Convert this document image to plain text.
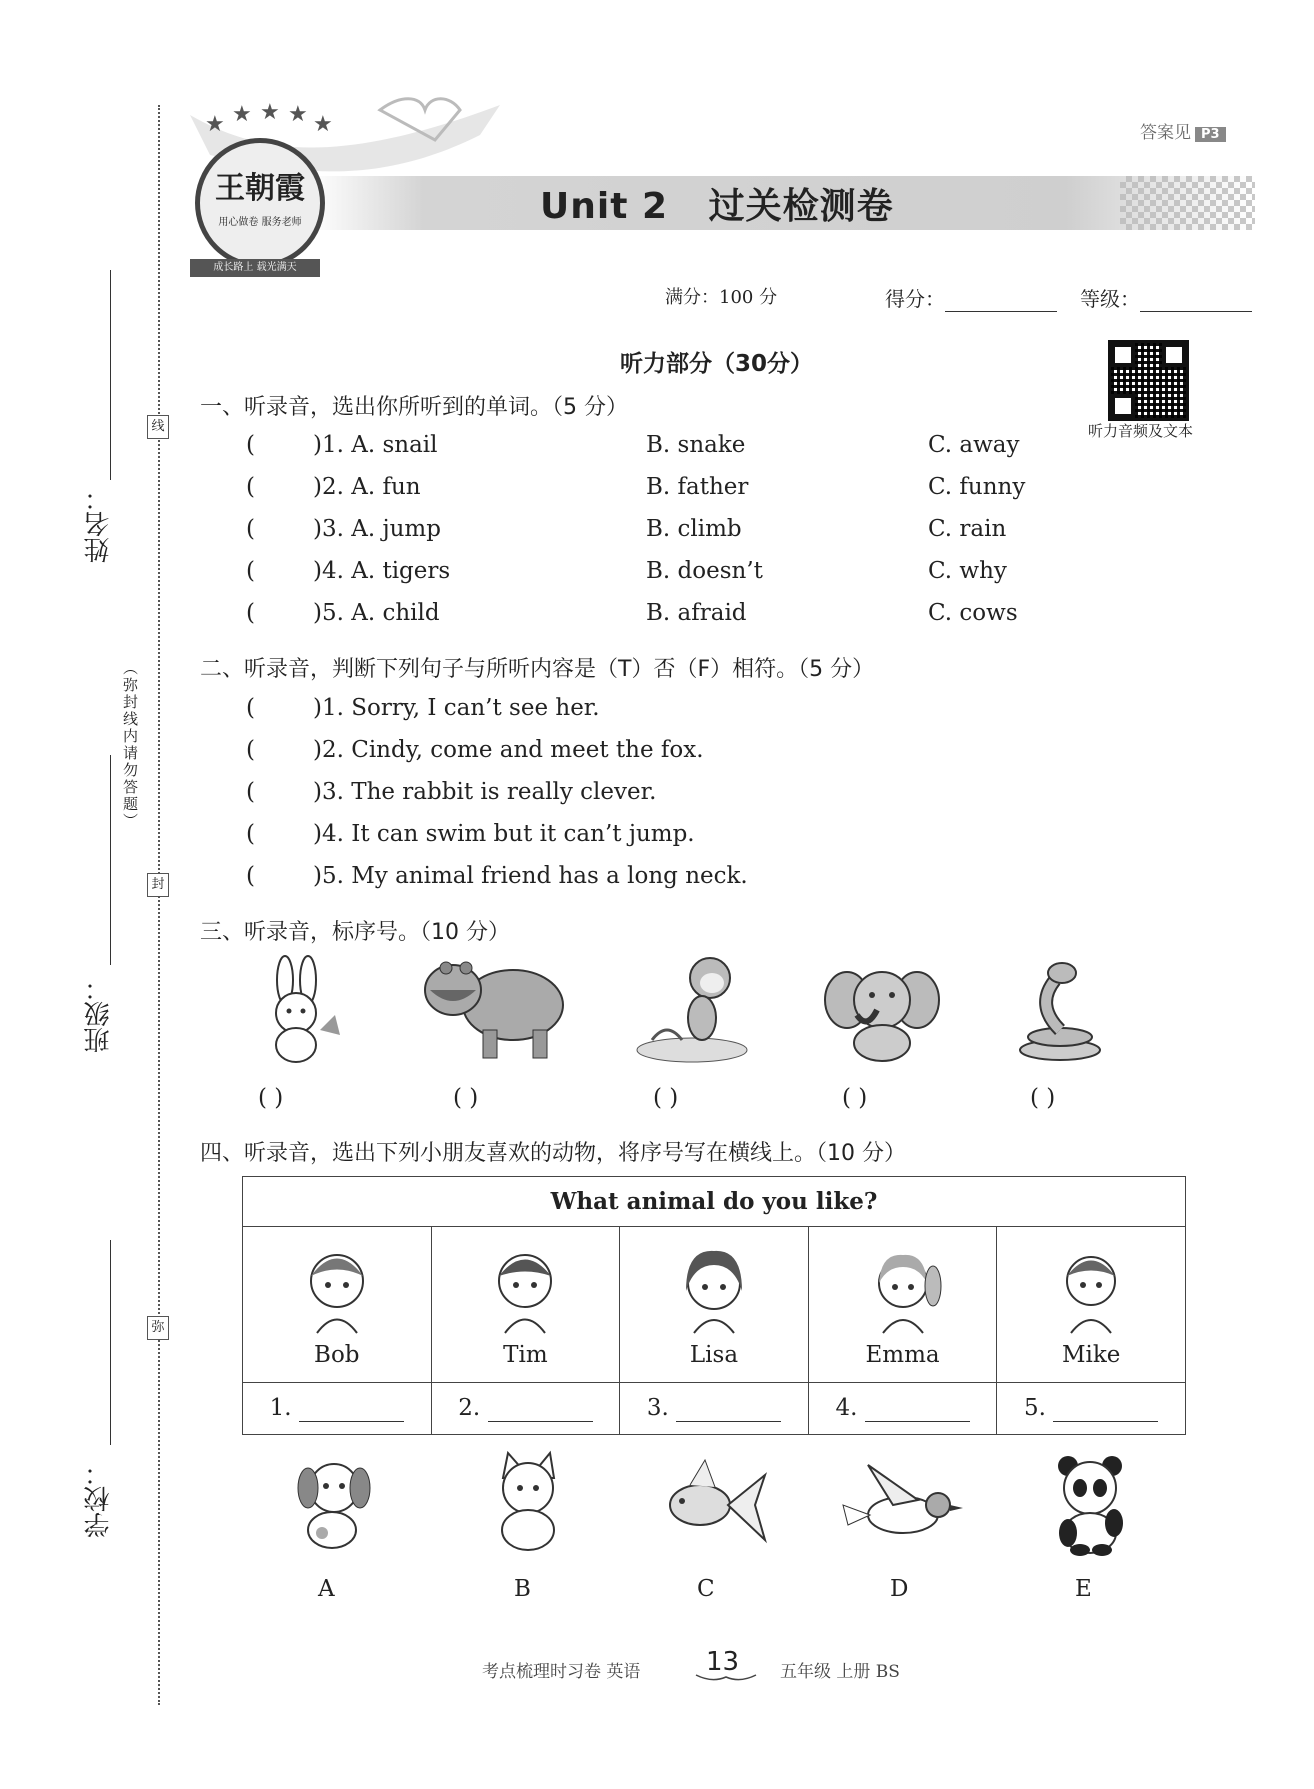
线
封
弥
（弥封线内请勿答题）
姓名：
班级：
学校：
Unit 2   过关检测卷
★ ★ ★ ★ ★
王朝霞
用心做卷 服务老师
成长路上 载光满天
答案见 P3
满分：100 分	得分：	等级：
听力音频及文本
听力部分（30分）
一、听录音，选出你所听到的单词。（5 分）
(	)1. A. snail	B. snake	C. away
(	)2. A. fun	B. father	C. funny
(	)3. A. jump	B. climb	C. rain
(	)4. A. tigers	B. doesn’t	C. why
(	)5. A. child	B. afraid	C. cows
二、听录音，判断下列句子与所听内容是（T）否（F）相符。（5 分）
(	)1. Sorry, I can’t see her.
(	)2. Cindy, come and meet the fox.
(	)3. The rabbit is really clever.
(	)4. It can swim but it can’t jump.
(	)5. My animal friend has a long neck.
三、听录音，标序号。（10 分）
( )	( )	( )	( )	( )
四、听录音，选出下列小朋友喜欢的动物，将序号写在横线上。（10 分）
What animal do you like?				

Bob	Tim	Lisa	Emma	Mike

1.	2.	3.	4.	5.
A	B	C	D	E
考点梳理时习卷 英语	13 五年级 上册 BS
